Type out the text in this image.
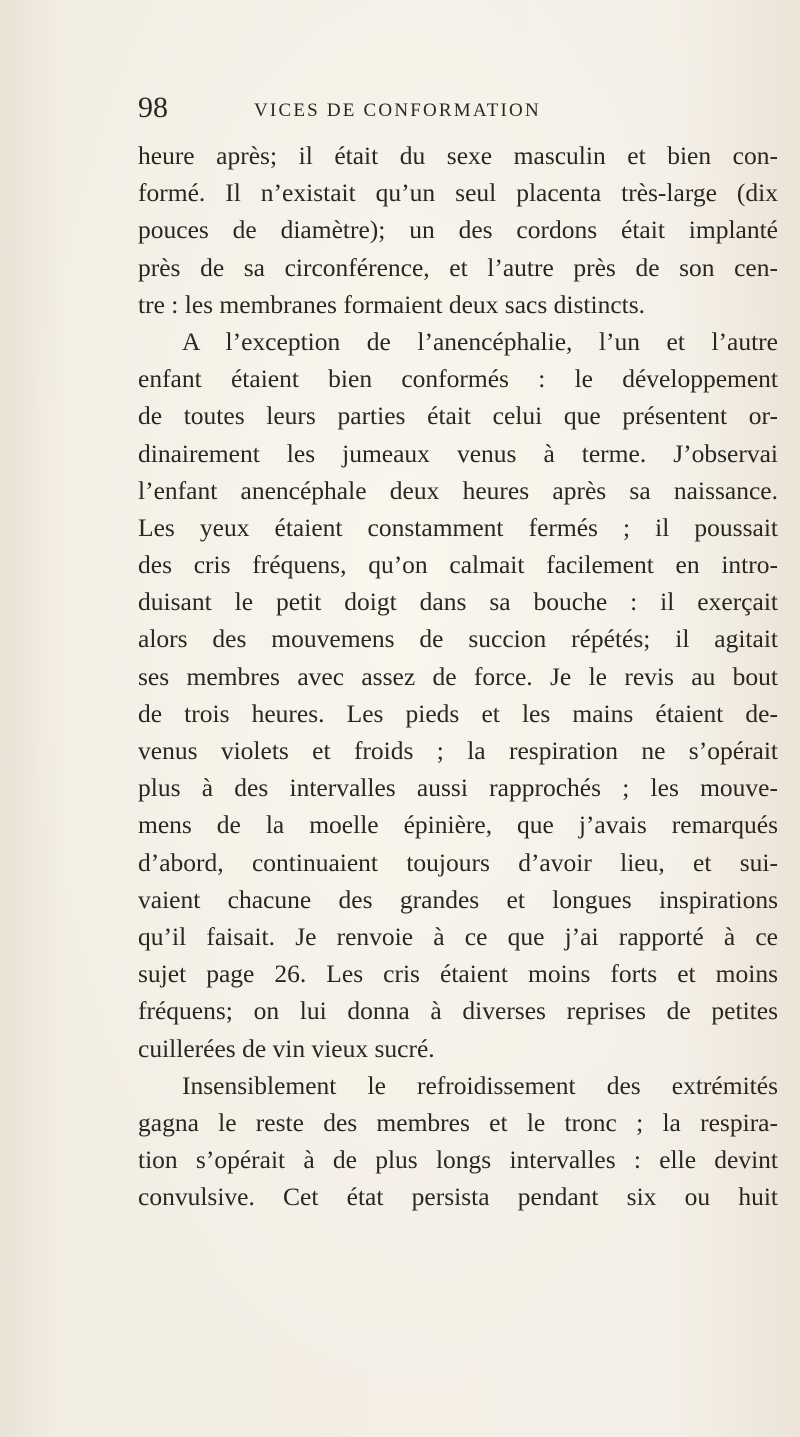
98	VICES DE CONFORMATION
heure après; il était du sexe masculin et bien con-
formé. Il n’existait qu’un seul placenta très-large (dix
pouces de diamètre); un des cordons était implanté
près de sa circonférence, et l’autre près de son cen-
tre : les membranes formaient deux sacs distincts.
A l’exception de l’anencéphalie, l’un et l’autre
enfant étaient bien conformés : le développement
de toutes leurs parties était celui que présentent or-
dinairement les jumeaux venus à terme. J’observai
l’enfant anencéphale deux heures après sa naissance.
Les yeux étaient constamment fermés ; il poussait
des cris fréquens, qu’on calmait facilement en intro-
duisant le petit doigt dans sa bouche : il exerçait
alors des mouvemens de succion répétés; il agitait
ses membres avec assez de force. Je le revis au bout
de trois heures. Les pieds et les mains étaient de-
venus violets et froids ; la respiration ne s’opérait
plus à des intervalles aussi rapprochés ; les mouve-
mens de la moelle épinière, que j’avais remarqués
d’abord, continuaient toujours d’avoir lieu, et sui-
vaient chacune des grandes et longues inspirations
qu’il faisait. Je renvoie à ce que j’ai rapporté à ce
sujet page 26. Les cris étaient moins forts et moins
fréquens; on lui donna à diverses reprises de petites
cuillerées de vin vieux sucré.
Insensiblement le refroidissement des extrémités
gagna le reste des membres et le tronc ; la respira-
tion s’opérait à de plus longs intervalles : elle devint
convulsive. Cet état persista pendant six ou huit
